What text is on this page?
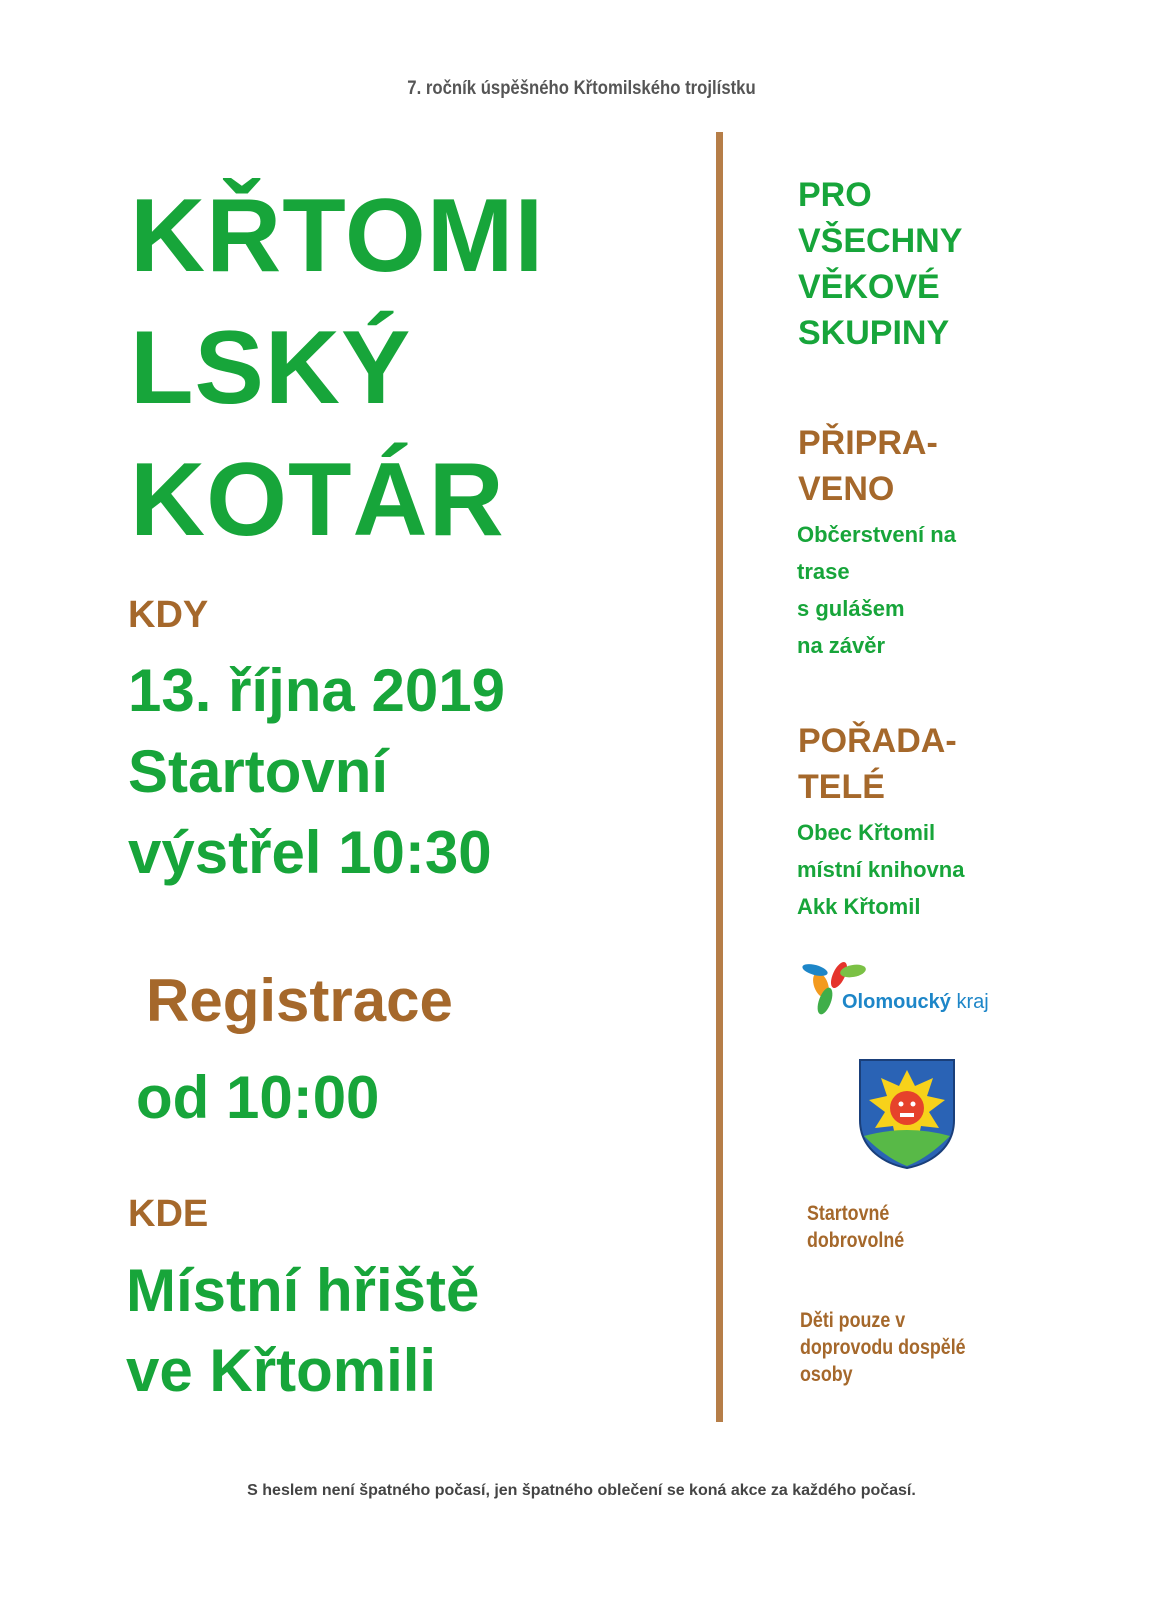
7. ročník úspěšného Křtomilského trojlístku
KŘTOMI
LSKÝ
KOTÁR
KDY
13. října 2019
Startovní
výstřel 10:30
Registrace
od 10:00
KDE
Místní hřiště
ve Křtomili
PRO
VŠECHNY
VĚKOVÉ
SKUPINY
PŘIPRA-
VENO
Občerstvení na
trase
s gulášem
na závěr
POŘADA-
TELÉ
Obec Křtomil
místní knihovna
Akk Křtomil
Olomoucký kraj
Startovné
dobrovolné
Děti pouze v
doprovodu dospělé
osoby
S heslem není špatného počasí, jen špatného oblečení se koná akce za každého počasí.
